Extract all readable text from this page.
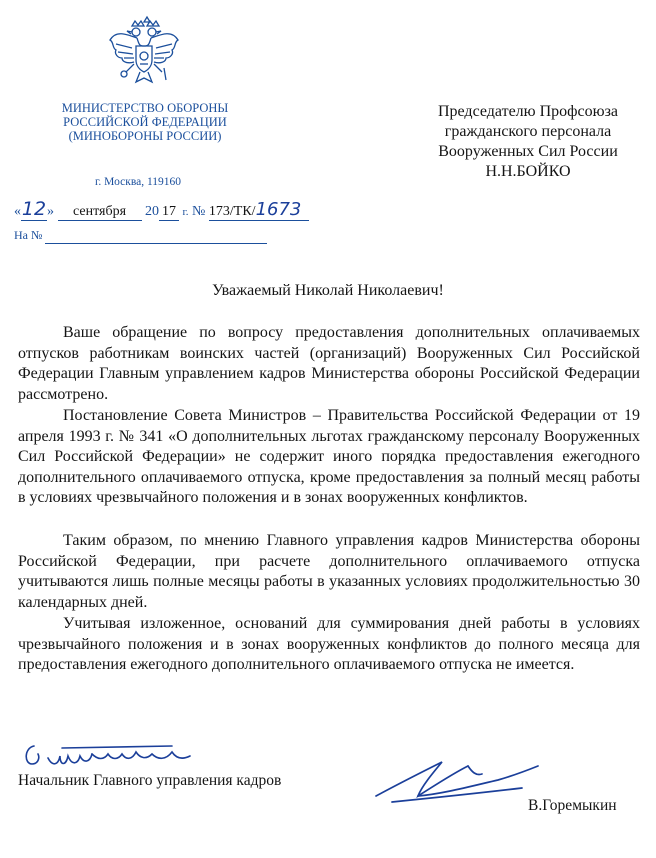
МИНИСТЕРСТВО ОБОРОНЫ
РОССИЙСКОЙ ФЕДЕРАЦИИ
(МИНОБОРОНЫ РОССИИ)
г. Москва, 119160
Председателю Профсоюза
гражданского персонала
Вооруженных Сил России
Н.Н.БОЙКО
«12» сентября 20 17 г. № 173/ТК/1673
На №
Уважаемый Николай Николаевич!
Ваше обращение по вопросу предоставления дополнительных оплачиваемых отпусков работникам воинских частей (организаций) Вооруженных Сил Российской Федерации Главным управлением кадров Министерства обороны Российской Федерации рассмотрено.
Постановление Совета Министров – Правительства Российской Федерации от 19 апреля 1993 г. № 341 «О дополнительных льготах гражданскому персоналу Вооруженных Сил Российской Федерации» не содержит иного порядка предоставления ежегодного дополнительного оплачиваемого отпуска, кроме предоставления за полный месяц работы в условиях чрезвычайного положения и в зонах вооруженных конфликтов.
Таким образом, по мнению Главного управления кадров Министерства обороны Российской Федерации, при расчете дополнительного оплачиваемого отпуска учитываются лишь полные месяцы работы в указанных условиях продолжительностью 30 календарных дней.
Учитывая изложенное, оснований для суммирования дней работы в условиях чрезвычайного положения и в зонах вооруженных конфликтов до полного месяца для предоставления ежегодного дополнительного оплачиваемого отпуска не имеется.
Начальник Главного управления кадров
В.Горемыкин
